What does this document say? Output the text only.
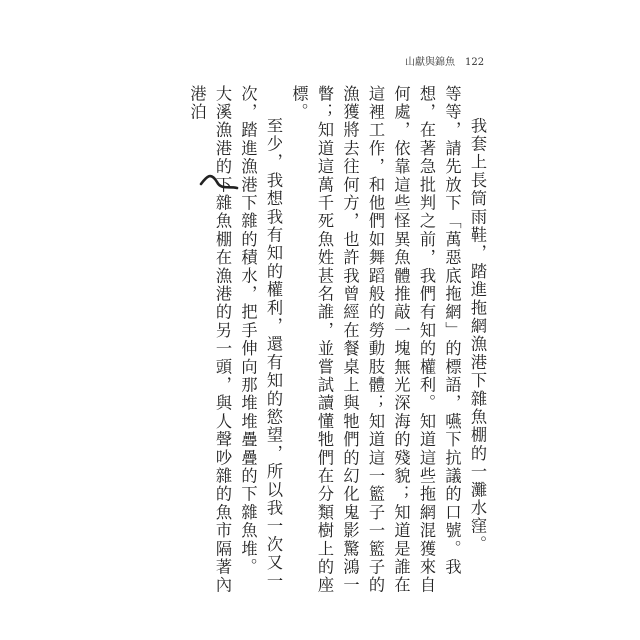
山獻與錦魚 122

我套上長筒雨鞋，踏進拖網漁港下雜魚棚的一灘水窪。

等等，請先放下「萬惡底拖網」的標語，嚥下抗議的口號。我想，在著急批判之前，我們有知的權利。知道這些拖網混獲來自何處，依靠這些怪異魚體推敲一塊無光深海的殘貌；知道是誰在這裡工作，和他們如舞蹈般的勞動肢體；知道這一籃子一籃子的漁獲將去往何方，也許我曾經在餐桌上與牠們的幻化鬼影驚鴻一瞥；知道這萬千死魚姓甚名誰，並嘗試讀懂牠們在分類樹上的座標。

至少，我想我有知的權利，還有知的慾望，所以我一次又一次，踏進漁港下雜的積水，把手伸向那堆堆疊疊的下雜魚堆。

大溪漁港的下雜魚棚在漁港的另一頭，與人聲吵雜的魚市隔著內港泊
